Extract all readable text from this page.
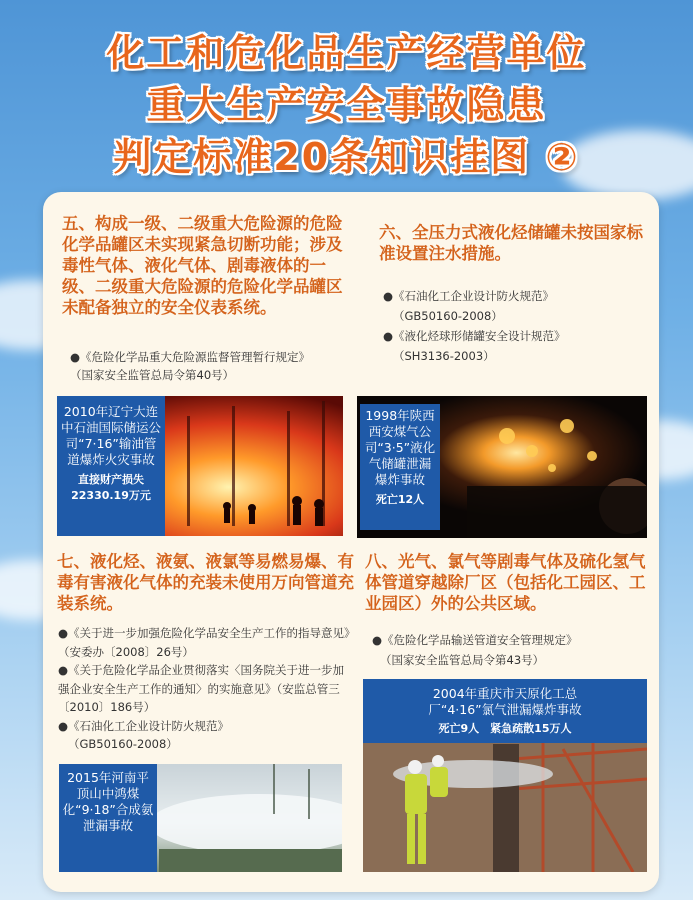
化工和危化品生产经营单位
重大生产安全事故隐患
判定标准20条知识挂图 ②
五、构成一级、二级重大危险源的危险化学品罐区未实现紧急切断功能；涉及毒性气体、液化气体、剧毒液体的一级、二级重大危险源的危险化学品罐区未配备独立的安全仪表系统。
●《危险化学品重大危险源监督管理暂行规定》
（国家安全监管总局令第40号）
2010年辽宁大连中石油国际储运公司“7·16”输油管道爆炸火灾事故
直接财产损失
22330.19万元
六、全压力式液化烃储罐未按国家标准设置注水措施。
●《石油化工企业设计防火规范》
（GB50160-2008）
●《液化烃球形储罐安全设计规范》
（SH3136-2003）
1998年陕西西安煤气公司“3·5”液化气储罐泄漏爆炸事故
死亡12人
七、液化烃、液氨、液氯等易燃易爆、有毒有害液化气体的充装未使用万向管道充装系统。
●《关于进一步加强危险化学品安全生产工作的指导意见》（安委办〔2008〕26号）
●《关于危险化学品企业贯彻落实〈国务院关于进一步加强企业安全生产工作的通知〉的实施意见》（安监总管三〔2010〕186号）
●《石油化工企业设计防火规范》
（GB50160-2008）
2015年河南平顶山中鸿煤化“9·18”合成氨泄漏事故
八、光气、氯气等剧毒气体及硫化氢气体管道穿越除厂区（包括化工园区、工业园区）外的公共区域。
●《危险化学品输送管道安全管理规定》
（国家安全监管总局令第43号）
2004年重庆市天原化工总厂“4·16”氯气泄漏爆炸事故
死亡9人　紧急疏散15万人
